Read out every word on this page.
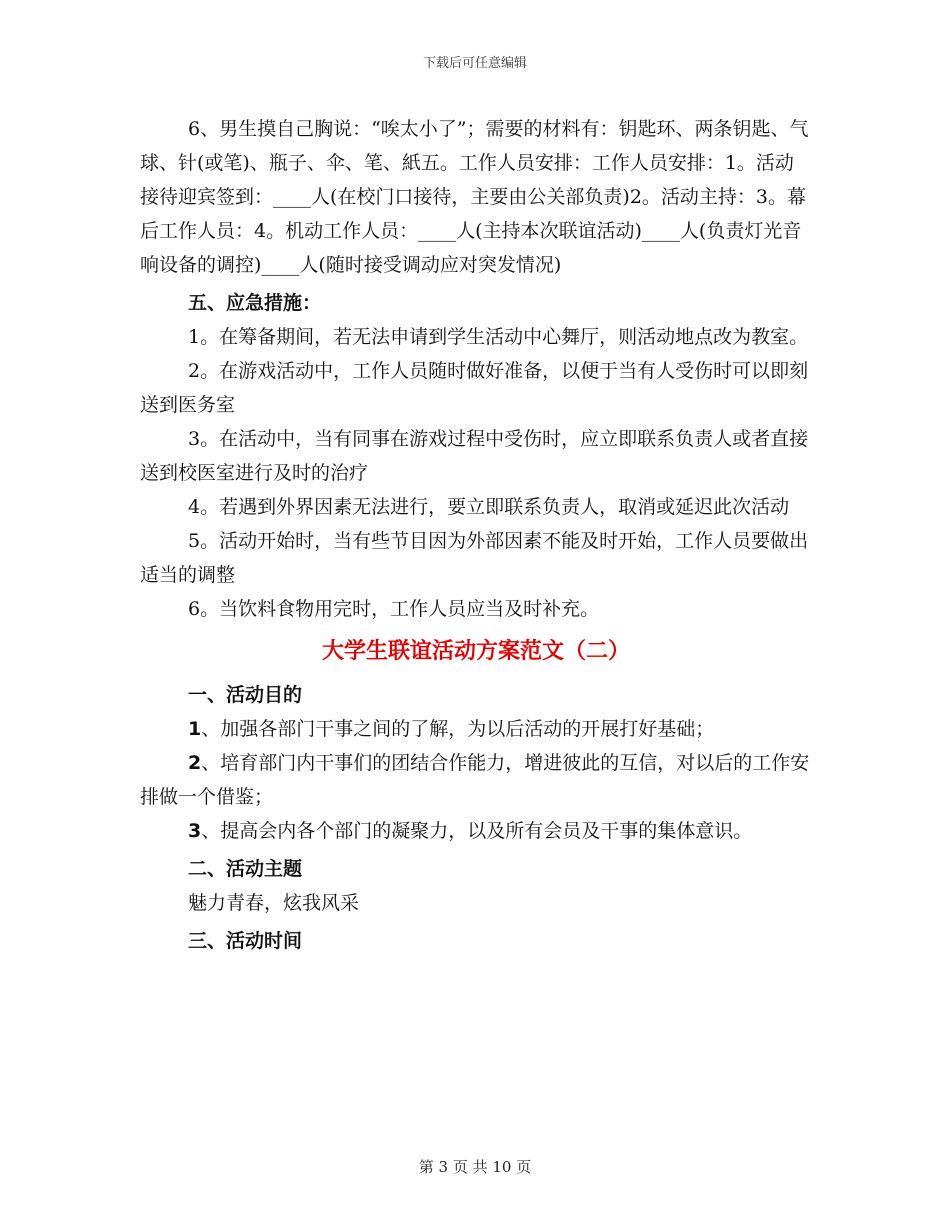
下载后可任意编辑

6、男生摸自己胸说：“唉太小了”；需要的材料有：钥匙环、两条钥匙、气球、针(或笔)、瓶子、伞、笔、紙五。工作人员安排：工作人员安排：1。活动接待迎宾签到：____人(在校门口接待，主要由公关部负责)2。活动主持：3。幕后工作人员：4。机动工作人员：____人(主持本次联谊活动)____人(负责灯光音响设备的调控)____人(随时接受调动应对突发情况)

五、应急措施：

1。在筹备期间，若无法申请到学生活动中心舞厅，则活动地点改为教室。

2。在游戏活动中，工作人员随时做好准备，以便于当有人受伤时可以即刻送到医务室

3。在活动中，当有同事在游戏过程中受伤时，应立即联系负责人或者直接送到校医室进行及时的治疗

4。若遇到外界因素无法进行，要立即联系负责人，取消或延迟此次活动

5。活动开始时，当有些节目因为外部因素不能及时开始，工作人员要做出适当的调整

6。当饮料食物用完时，工作人员应当及时补充。

大学生联谊活动方案范文（二）

一、活动目的

1、加强各部门干事之间的了解，为以后活动的开展打好基础；

2、培育部门内干事们的团结合作能力，增进彼此的互信，对以后的工作安排做一个借鉴；

3、提高会内各个部门的凝聚力，以及所有会员及干事的集体意识。

二、活动主题

魅力青春，炫我风采

三、活动时间

第 3 页 共 10 页
